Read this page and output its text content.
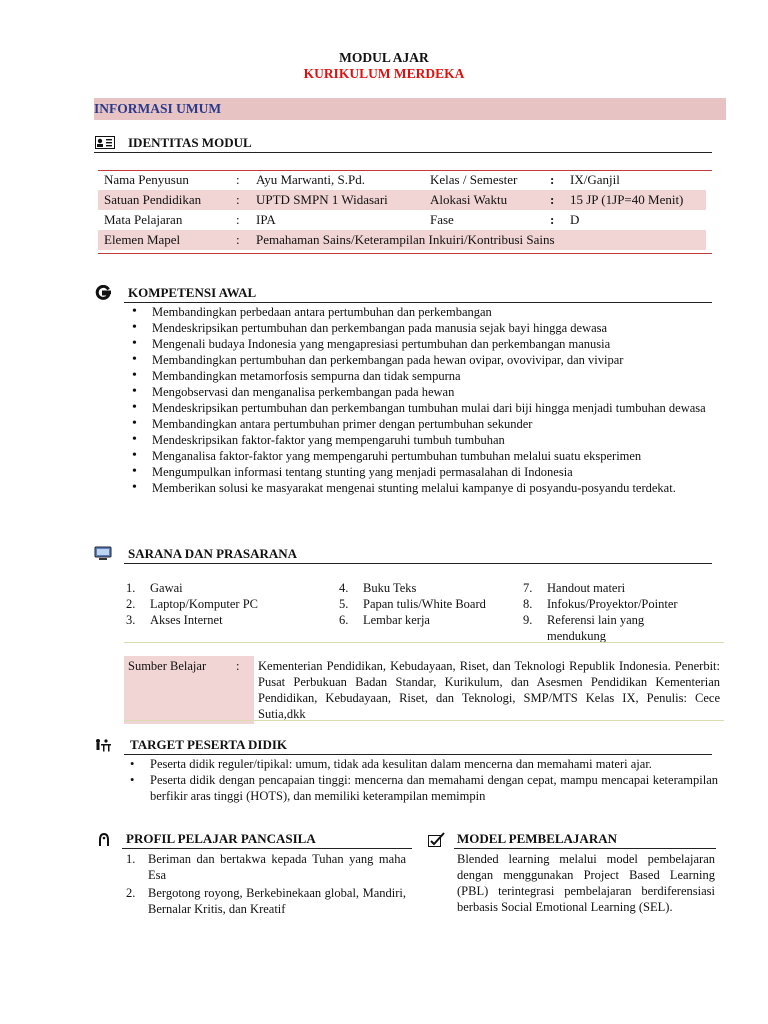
MODUL AJAR
KURIKULUM MERDEKA
INFORMASI UMUM
IDENTITAS MODUL
Nama Penyusun	:	Ayu Marwanti, S.Pd.	Kelas / Semester	:	IX/Ganjil
Satuan Pendidikan	:	UPTD SMPN 1 Widasari	Alokasi Waktu	:	15 JP (1JP=40 Menit)
Mata Pelajaran	:	IPA	Fase	:	D
Elemen Mapel	:	Pemahaman Sains/Keterampilan Inkuiri/Kontribusi Sains			
KOMPETENSI AWAL
• Membandingkan perbedaan antara pertumbuhan dan perkembangan
• Mendeskripsikan pertumbuhan dan perkembangan pada manusia sejak bayi hingga dewasa
• Mengenali budaya Indonesia yang mengapresiasi pertumbuhan dan perkembangan manusia
• Membandingkan pertumbuhan dan perkembangan pada hewan ovipar, ovovivipar, dan vivipar
• Membandingkan metamorfosis sempurna dan tidak sempurna
• Mengobservasi dan menganalisa perkembangan pada hewan
• Mendeskripsikan pertumbuhan dan perkembangan tumbuhan mulai dari biji hingga menjadi tumbuhan dewasa
• Membandingkan antara pertumbuhan primer dengan pertumbuhan sekunder
• Mendeskripsikan faktor-faktor yang mempengaruhi tumbuh tumbuhan
• Menganalisa faktor-faktor yang mempengaruhi pertumbuhan tumbuhan melalui suatu eksperimen
• Mengumpulkan informasi tentang stunting yang menjadi permasalahan di Indonesia
• Memberikan solusi ke masyarakat mengenai stunting melalui kampanye di posyandu-posyandu terdekat.
SARANA DAN PRASARANA
1. Gawai
2. Laptop/Komputer PC
3. Akses Internet
4. Buku Teks
5. Papan tulis/White Board
6. Lembar kerja
7. Handout materi
8. Infokus/Proyektor/Pointer
9. Referensi lain yang
mendukung
Sumber Belajar	:	Kementerian Pendidikan, Kebudayaan, Riset, dan Teknologi Republik Indonesia. Penerbit: Pusat Perbukuan Badan Standar, Kurikulum, dan Asesmen Pendidikan Kementerian Pendidikan, Kebudayaan, Riset, dan Teknologi, SMP/MTS Kelas IX, Penulis: Cece Sutia,dkk
TARGET PESERTA DIDIK
• Peserta didik reguler/tipikal: umum, tidak ada kesulitan dalam mencerna dan memahami materi ajar.
• Peserta didik dengan pencapaian tinggi: mencerna dan memahami dengan cepat, mampu mencapai keterampilan berfikir aras tinggi (HOTS), dan memiliki keterampilan memimpin
PROFIL PELAJAR PANCASILA
1. Beriman dan bertakwa kepada Tuhan yang maha Esa
2. Bergotong royong, Berkebinekaan global, Mandiri, Bernalar Kritis, dan Kreatif
MODEL PEMBELAJARAN
Blended learning melalui model pembelajaran dengan menggunakan Project Based Learning (PBL) terintegrasi pembelajaran berdiferensiasi berbasis Social Emotional Learning (SEL).
